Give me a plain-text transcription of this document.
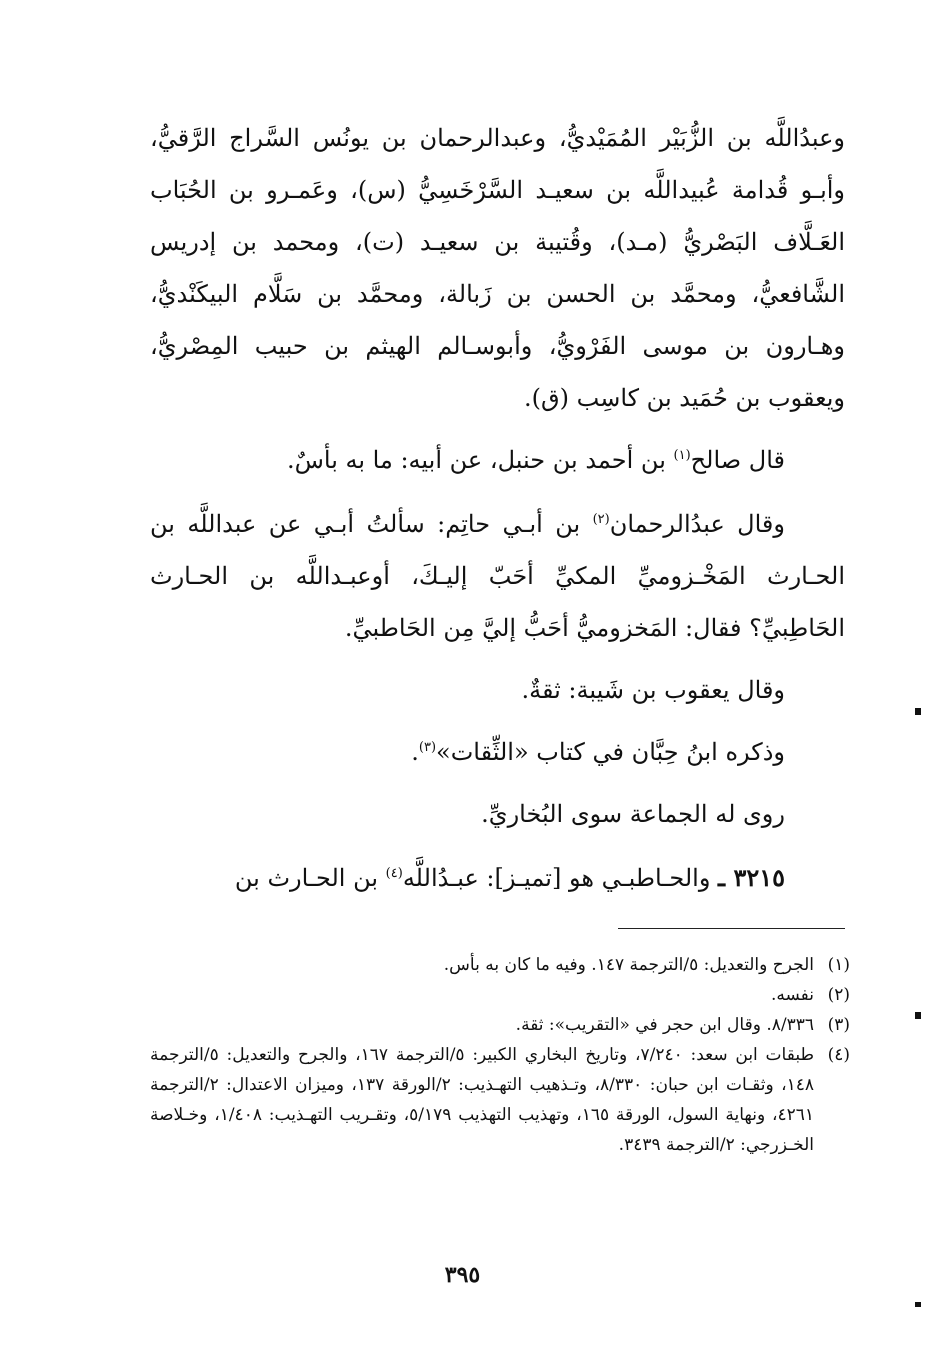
وعبدُاللَّه بن الزُّبَيْر المُمَيْديُّ، وعبدالرحمان بن يونُس السَّراج الرَّقيُّ، وأبـو قُدامة عُبيداللَّه بن سعيـد السَّرْخَسِيُّ (س)، وعَمـرو بن الحُبَاب العَـلَّاف البَصْريُّ (مـد)، وقُتيبة بن سعيـد (ت)، ومحمد بن إدريس الشَّافعيُّ، ومحمَّد بن الحسن بن زَبالة، ومحمَّد بن سَلَّام البيكَنْديُّ، وهـارون بن موسى الفَرْويُّ، وأبوسـالم الهيثم بن حبيب المِصْريُّ، ويعقوب بن حُمَيد بن كاسِب (ق).

قال صالح$^{(١)}$ بن أحمد بن حنبل، عن أبيه: ما به بأسٌ.

وقال عبدُالرحمان$^{(٢)}$ بن أبـي حاتِم: سألتُ أبـي عن عبداللَّه بن الحـارث المَخْـزوميِّ المكيِّ أحَبّ إليـكَ، أوعبـداللَّه بن الحـارث الحَاطِبيِّ؟ فقال: المَخزوميُّ أحَبُّ إليَّ مِن الحَاطبيِّ.

وقال يعقوب بن شَيبة: ثقةٌ.

وذكره ابنُ حِبَّان في كتاب «الثِّقات»$^{(٣)}$.

روى له الجماعة سوى البُخاريِّ.

٣٢١٥ ـ والحـاطبـي هو [تميـز]: عبـدُاللَّه$^{(٤)}$ بن الحـارث بن

(١)
الجرح والتعديل: ٥/الترجمة ١٤٧. وفيه ما كان به بأس.
(٢)
نفسه.
(٣)
٨/٣٣٦. وقال ابن حجر في «التقريب»: ثقة.
(٤)
طبقات ابن سعد: ٧/٢٤٠، وتاريخ البخاري الكبير: ٥/الترجمة ١٦٧، والجرح والتعديل: ٥/الترجمة ١٤٨، وثقـات ابن حبان: ٨/٣٣٠، وتـذهيب التهـذيب: ٢/الورقة ١٣٧، وميزان الاعتدال: ٢/الترجمة ٤٢٦١، ونهاية السول، الورقة ١٦٥، وتهذيب التهذيب ٥/١٧٩، وتقـريب التهـذيب: ١/٤٠٨، وخـلاصة الخـزرجي: ٢/الترجمة ٣٤٣٩.
٣٩٥
